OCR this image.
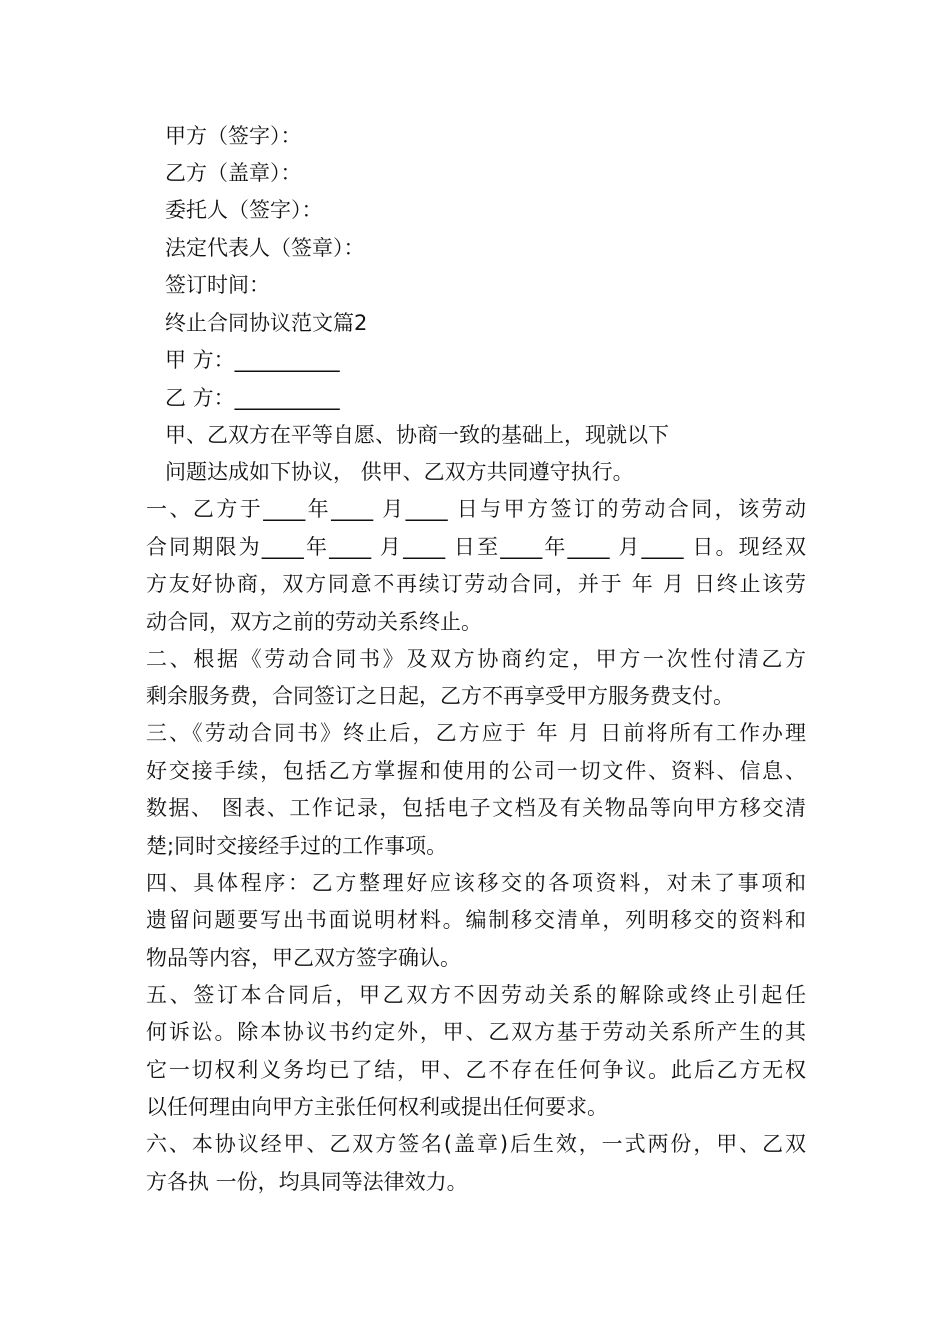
甲方（签字）：
乙方（盖章）：
委托人（签字）：
法定代表人（签章）：
签订时间：
终止合同协议范文篇2
甲 方：__________
乙 方：__________
甲、乙双方在平等自愿、协商一致的基础上，现就以下
问题达成如下协议， 供甲、乙双方共同遵守执行。
一、乙方于____年____ 月____ 日与甲方签订的劳动合同，该劳动
合同期限为____年____ 月____ 日至____年____ 月____ 日。现经双
方友好协商，双方同意不再续订劳动合同，并于 年 月 日终止该劳
动合同，双方之前的劳动关系终止。
二、根据《劳动合同书》及双方协商约定，甲方一次性付清乙方
剩余服务费，合同签订之日起，乙方不再享受甲方服务费支付。
三、《劳动合同书》终止后，乙方应于 年 月 日前将所有工作办理
好交接手续，包括乙方掌握和使用的公司一切文件、资料、信息、
数据、 图表、工作记录，包括电子文档及有关物品等向甲方移交清
楚;同时交接经手过的工作事项。
四、具体程序：乙方整理好应该移交的各项资料，对未了事项和
遗留问题要写出书面说明材料。编制移交清单，列明移交的资料和
物品等内容，甲乙双方签字确认。
五、签订本合同后，甲乙双方不因劳动关系的解除或终止引起任
何诉讼。除本协议书约定外，甲、乙双方基于劳动关系所产生的其
它一切权利义务均已了结，甲、乙不存在任何争议。此后乙方无权
以任何理由向甲方主张任何权利或提出任何要求。
六、本协议经甲、乙双方签名(盖章)后生效，一式两份，甲、乙双
方各执 一份，均具同等法律效力。
